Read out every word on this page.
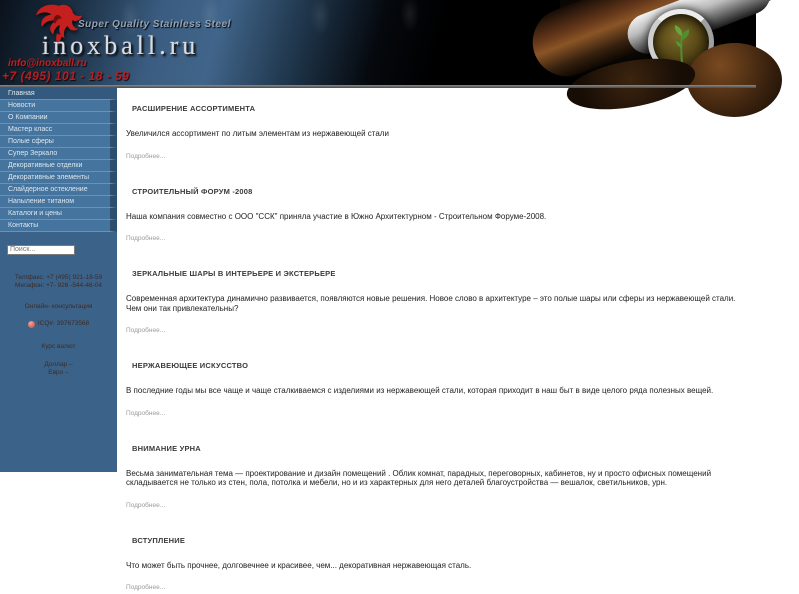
Super Quality Stainless Steel
inoxball.ru
info@inoxball.ru
+7 (495) 101 - 18 - 59
Главная
Новости
О Компании
Мастер класс
Полые сферы
Супер Зеркало
Декоративные отделки
Декоративные элементы
Слайдерное остекление
Напыление титаном
Каталоги и цены
Контакты
Поиск...
Тел\факс: +7 (495) 921-18-59
Мегафон: +7- 926 -544-46-04
Онлайн- консультация
ICQ#: 397673568
Курс валют
Доллар –
Евро –
РАСШИРЕНИЕ АССОРТИМЕНТА

Увеличился ассортимент по литым элементам из нержавеющей стали

Подробнее...
СТРОИТЕЛЬНЫЙ ФОРУМ -2008

Наша компания совместно с ООО "ССК" приняла участие в Южно Архитектурном - Строительном Форуме-2008.

Подробнее...
ЗЕРКАЛЬНЫЕ ШАРЫ В ИНТЕРЬЕРЕ И ЭКСТЕРЬЕРЕ

Современная архитектура динамично развивается, появляются новые решения. Новое слово в архитектуре – это полые шары или сферы из нержавеющей стали. Чем они так привлекательны?

Подробнее...
НЕРЖАВЕЮЩЕЕ ИСКУССТВО

В последние годы мы все чаще и чаще сталкиваемся с изделиями из нержавеющей стали, которая приходит в наш быт в виде целого ряда полезных вещей.

Подробнее...
ВНИМАНИЕ УРНА

Весьма занимательная тема — проектирование и дизайн помещений . Облик комнат, парадных, переговорных, кабинетов, ну и просто офисных помещений складывается не только из стен, пола, потолка и мебели, но и из характерных для него деталей благоустройства — вешалок, светильников, урн.

Подробнее...
ВСТУПЛЕНИЕ

Что может быть прочнее, долговечнее и красивее, чем... декоративная нержавеющая сталь.

Подробнее...
